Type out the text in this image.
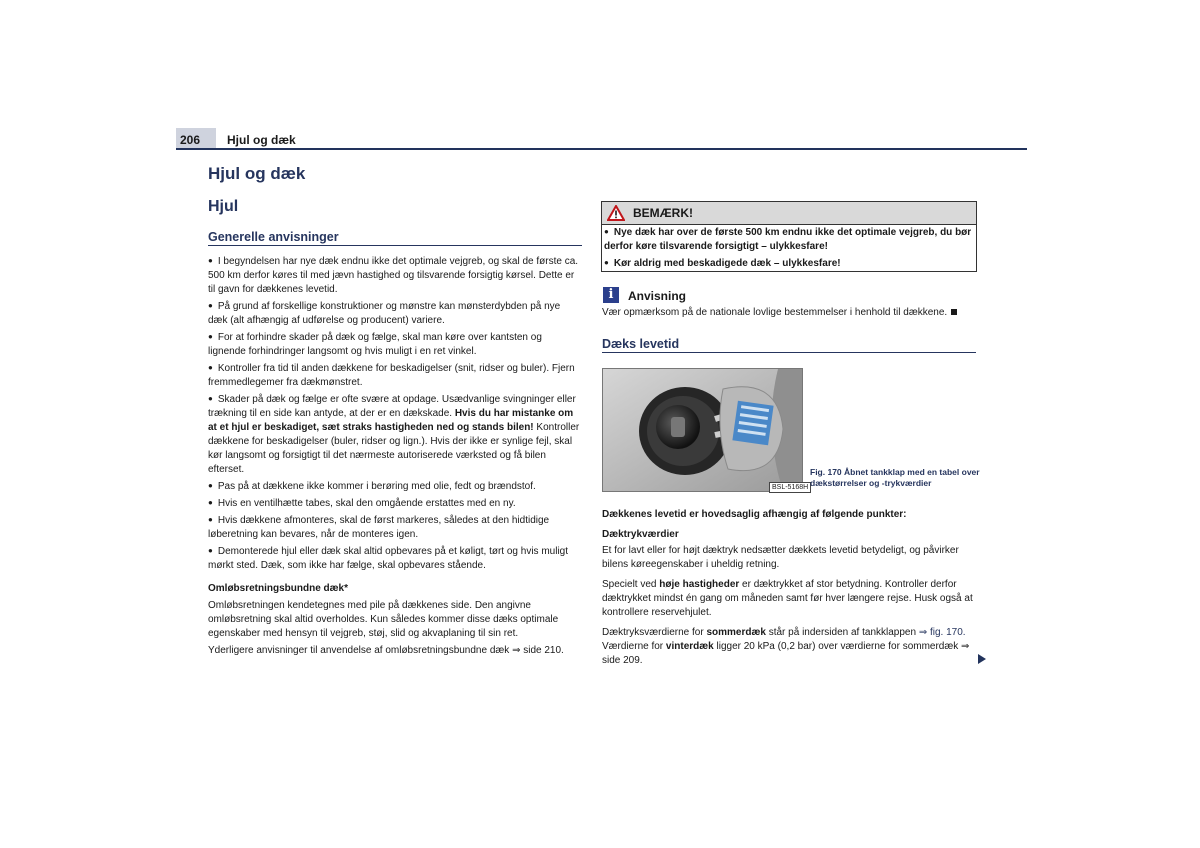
206 Hjul og dæk
Hjul og dæk
Hjul
Generelle anvisninger

● I begyndelsen har nye dæk endnu ikke det optimale vejgreb, og skal de første ca. 500 km derfor køres til med jævn hastighed og tilsvarende forsigtig kørsel. Dette er til gavn for dækkenes levetid.

● På grund af forskellige konstruktioner og mønstre kan mønsterdybden på nye dæk (alt afhængig af udførelse og producent) variere.

● For at forhindre skader på dæk og fælge, skal man køre over kantsten og lignende forhindringer langsomt og hvis muligt i en ret vinkel.

● Kontroller fra tid til anden dækkene for beskadigelser (snit, ridser og buler). Fjern fremmedlegemer fra dækmønstret.

● Skader på dæk og fælge er ofte svære at opdage. Usædvanlige svingninger eller trækning til en side kan antyde, at der er en dækskade. Hvis du har mistanke om at et hjul er beskadiget, sæt straks hastigheden ned og stands bilen! Kontroller dækkene for beskadigelser (buler, ridser og lign.). Hvis der ikke er synlige fejl, skal kør langsomt og forsigtigt til det nærmeste autoriserede værksted og få bilen efterset.

● Pas på at dækkene ikke kommer i berøring med olie, fedt og brændstof.

● Hvis en ventilhætte tabes, skal den omgående erstattes med en ny.

● Hvis dækkene afmonteres, skal de først markeres, således at den hidtidige løberetning kan bevares, når de monteres igen.

● Demonterede hjul eller dæk skal altid opbevares på et køligt, tørt og hvis muligt mørkt sted. Dæk, som ikke har fælge, skal opbevares stående.

Omløbsretningsbundne dæk*

Omløbsretningen kendetegnes med pile på dækkenes side. Den angivne omløbsretning skal altid overholdes. Kun således kommer disse dæks optimale egenskaber med hensyn til vejgreb, støj, slid og akvaplaning til sin ret.

Yderligere anvisninger til anvendelse af omløbsretningsbundne dæk ⇒ side 210.

BEMÆRK!

● Nye dæk har over de første 500 km endnu ikke det optimale vejgreb, du bør derfor køre tilsvarende forsigtigt – ulykkesfare!

● Kør aldrig med beskadigede dæk – ulykkesfare!

i	Anvisning
Vær opmærksom på de nationale lovlige bestemmelser i henhold til dækkene.
Dæks levetid
BSL-5168H
Fig. 170 Åbnet tankklap med en tabel over dækstørrelser og -trykværdier

Dækkenes levetid er hovedsaglig afhængig af følgende punkter:

Dæktrykværdier

Et for lavt eller for højt dæktryk nedsætter dækkets levetid betydeligt, og påvirker bilens køreegenskaber i uheldig retning.

Specielt ved høje hastigheder er dæktrykket af stor betydning. Kontroller derfor dæktrykket mindst én gang om måneden samt før hver længere rejse. Husk også at kontrollere reservehjulet.

Dæktryksværdierne for sommerdæk står på indersiden af tankklappen ⇒ fig. 170.
Værdierne for vinterdæk ligger 20 kPa (0,2 bar) over værdierne for sommerdæk ⇒ side 209.
